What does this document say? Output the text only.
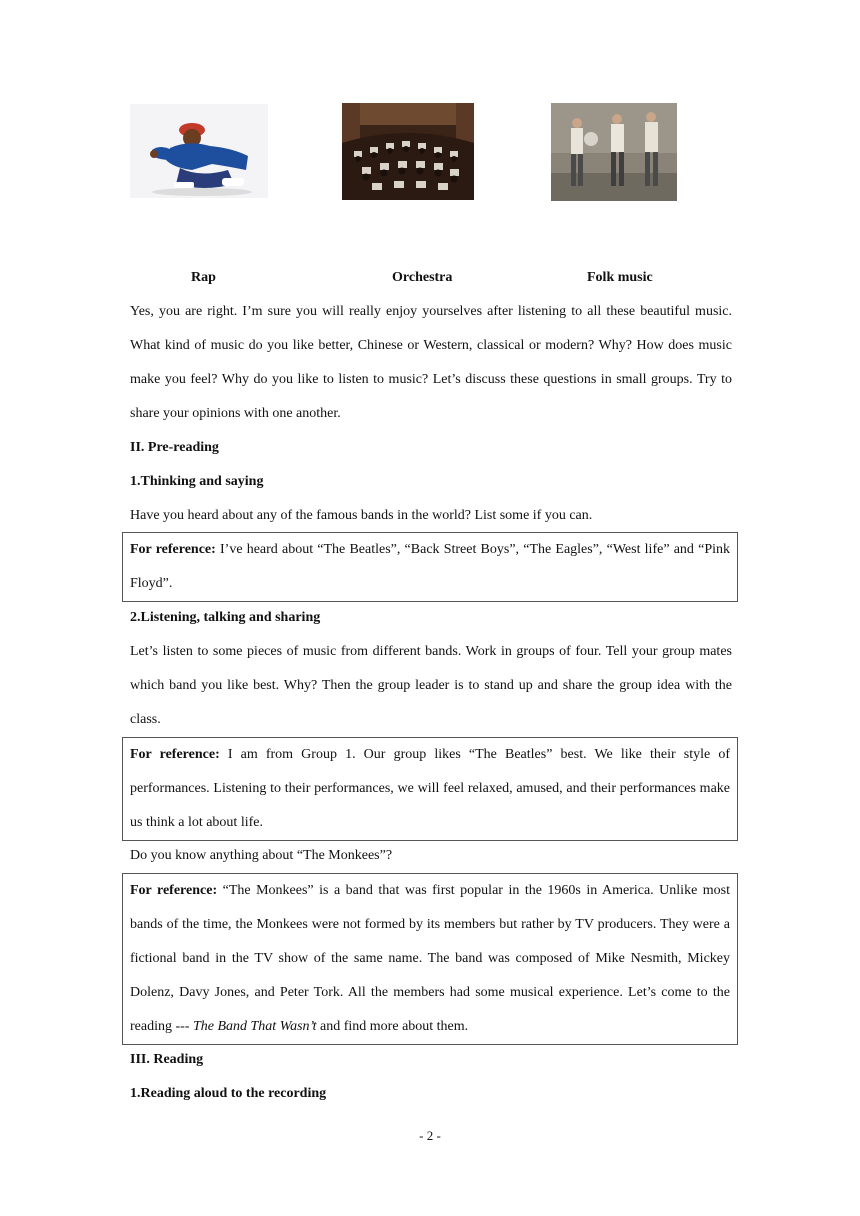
Rap	Orchestra	Folk music

Yes, you are right. I’m sure you will really enjoy yourselves after listening to all these beautiful music. What kind of music do you like better, Chinese or Western, classical or modern? Why? How does music make you feel? Why do you like to listen to music? Let’s discuss these questions in small groups. Try to share your opinions with one another.

II. Pre-reading

1.Thinking and saying

Have you heard about any of the famous bands in the world? List some if you can.

For reference: I’ve heard about “The Beatles”, “Back Street Boys”, “The Eagles”, “West life” and “Pink Floyd”.

2.Listening, talking and sharing

Let’s listen to some pieces of music from different bands. Work in groups of four. Tell your group mates which band you like best. Why? Then the group leader is to stand up and share the group idea with the class.

For reference: I am from Group 1. Our group likes “The Beatles” best. We like their style of performances. Listening to their performances, we will feel relaxed, amused, and their performances make us think a lot about life.

Do you know anything about “The Monkees”?

For reference: “The Monkees” is a band that was first popular in the 1960s in America. Unlike most bands of the time, the Monkees were not formed by its members but rather by TV producers. They were a fictional band in the TV show of the same name. The band was composed of Mike Nesmith, Mickey Dolenz, Davy Jones, and Peter Tork. All the members had some musical experience. Let’s come to the reading --- The Band That Wasn’t and find more about them.

III. Reading

1.Reading aloud to the recording

- 2 -
